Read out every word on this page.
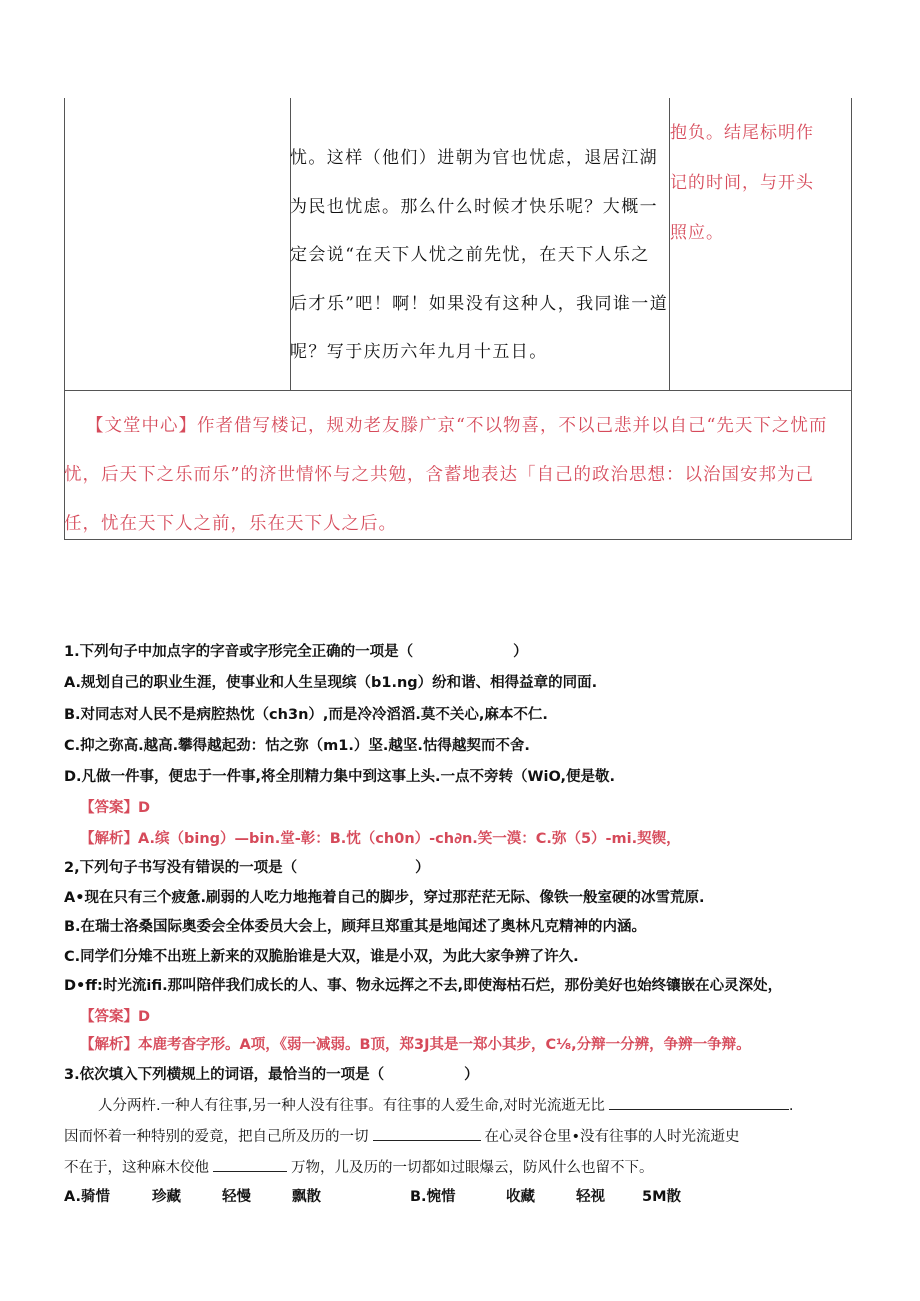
忧。这样（他们）进朝为官也忧虑，退居江湖
为民也忧虑。那么什么时候才快乐呢？大概一
定会说“在天下人忧之前先忧，在天下人乐之
后才乐”吧！啊！如果没有这种人，我同谁一道
呢？写于庆历六年九月十五日。
抱负。结尾标明作
记的时间，与开头
照应。
【文堂中心】作者借写楼记，规劝老友滕广京“不以物喜，不以己悲并以自己“先天下之忧而
忧，后天下之乐而乐”的济世情怀与之共勉，含蓄地表达「自己的政治思想：以治国安邦为己
任，忧在天下人之前，乐在天下人之后。
1.下列句子中加点字的字音或字形完全正确的一项是（	）
A.规划自己的职业生涯，使事业和人生呈现缤（b1.ng）纷和谐、相得益章的同面.
B.对同志对人民不是病腔热忱（ch3n）,而是冷冷滔滔.莫不关心,麻本不仁.
C.抑之弥高.越高.攀得越起劲：怙之弥（m1.）坚.越坚.怙得越契而不舍.
D.凡做一件事，便忠于一件事,将全刖精力集中到这事上头.一点不旁转（WiO,便是敬.
【答案】D
【解析】A.缤（bing）—bin.堂-彰：B.忱（ch0n）-ch∂n.笑一漠：C.弥（5）-mi.契锲，
2,下列句子书写没有错误的一项是（	）
A•现在只有三个疲惫.刷弱的人吃力地拖着自己的脚步，穿过那茫茫无际、像铁一般室硬的冰雪荒原.
B.在瑞士洛桑国际奥委会全体委员大会上，顾拜旦郑重其是地闻述了奥林凡克精神的内涵。
C.同学们分雉不出班上新来的双脆胎谁是大双，谁是小双，为此大家争辨了许久.
D•ff:时光流ifi.那叫陪伴我们成长的人、事、物永远挥之不去,即使海枯石烂，那份美好也始终镶嵌在心灵深处，
【答案】D
【解析】本鹿考杳字形。A项，《弱一减弱。B顶，郑3J其是一郑小其步，C⅛,分辩一分辨，争辨一争辩。
3.依次填入下列横规上的词语，最恰当的一项是（	）
人分两杵.一种人有往事,另一种人没有往事。有往事的人爱生命,对时光流逝无比	.
因而怀着一种特别的爱竟，把自己所及历的一切	在心灵谷仓里•没有往事的人时光流逝史
不在于，这种麻木佼他	万物，儿及历的一切都如过眼爆云，防风什么也留不下。
A.骑惜	珍藏	轻慢	飘散	B.惋惜	收藏	轻视	5M散
